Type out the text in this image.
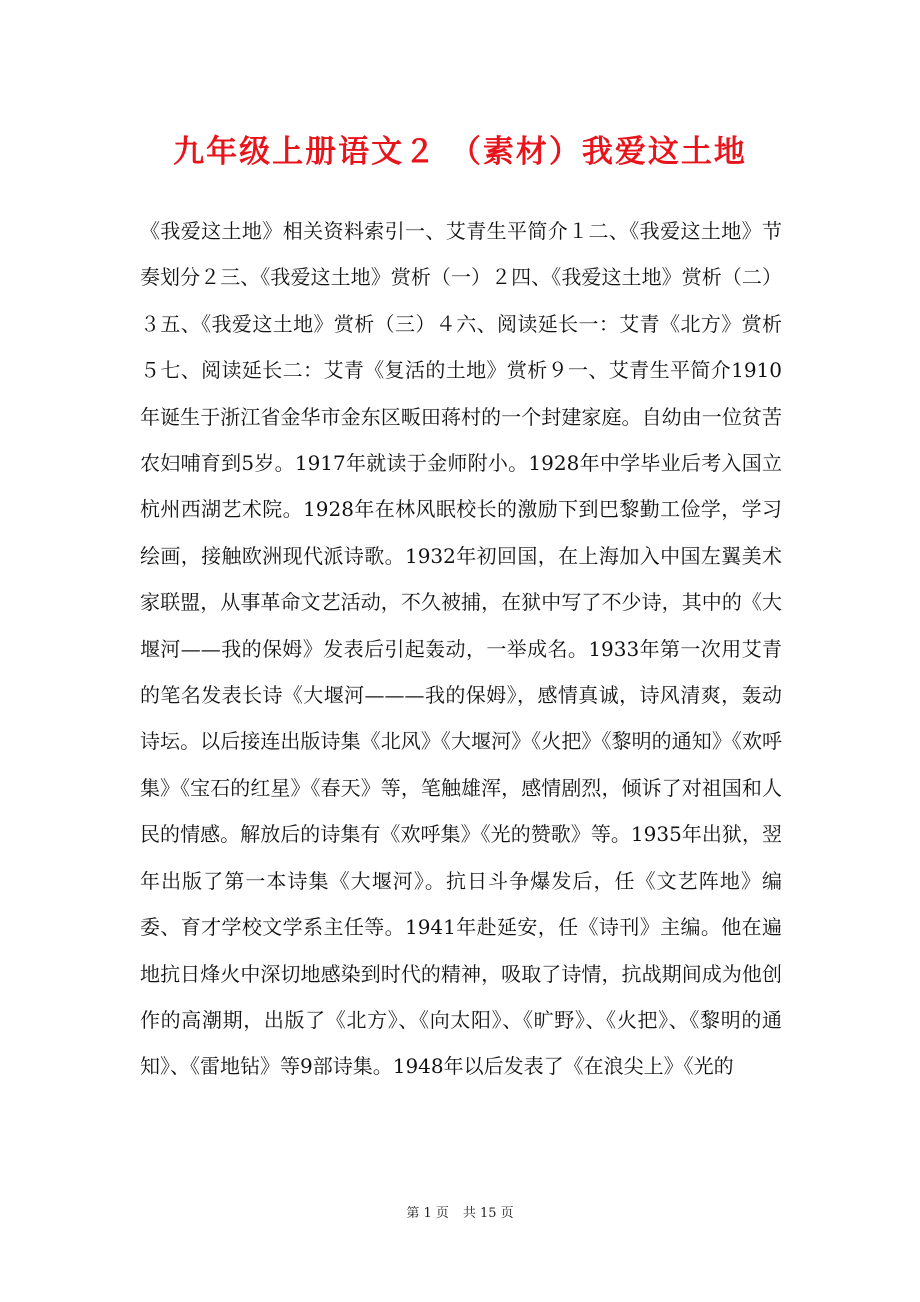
九年级上册语文２ （素材）我爱这土地

《我爱这土地》相关资料索引一、艾青生平简介１二、《我爱这土地》节奏划分２三、《我爱这土地》赏析（一）２四、《我爱这土地》赏析（二）３五、《我爱这土地》赏析（三）４六、阅读延长一：艾青《北方》赏析５七、阅读延长二：艾青《复活的土地》赏析９一、艾青生平简介1910年诞生于浙江省金华市金东区畈田蒋村的一个封建家庭。自幼由一位贫苦农妇哺育到5岁。1917年就读于金师附小。1928年中学毕业后考入国立杭州西湖艺术院。1928年在林风眠校长的激励下到巴黎勤工俭学，学习绘画，接触欧洲现代派诗歌。1932年初回国，在上海加入中国左翼美术家联盟，从事革命文艺活动，不久被捕，在狱中写了不少诗，其中的《大堰河——我的保姆》发表后引起轰动，一举成名。1933年第一次用艾青的笔名发表长诗《大堰河———我的保姆》，感情真诚，诗风清爽，轰动诗坛。以后接连出版诗集《北风》《大堰河》《火把》《黎明的通知》《欢呼集》《宝石的红星》《春天》等，笔触雄浑，感情剧烈，倾诉了对祖国和人民的情感。解放后的诗集有《欢呼集》《光的赞歌》等。1935年出狱，翌年出版了第一本诗集《大堰河》。抗日斗争爆发后，任《文艺阵地》编委、育才学校文学系主任等。1941年赴延安，任《诗刊》主编。他在遍地抗日烽火中深切地感染到时代的精神，吸取了诗情，抗战期间成为他创作的高潮期，出版了《北方》、《向太阳》、《旷野》、《火把》、《黎明的通知》、《雷地钻》等9部诗集。1948年以后发表了《在浪尖上》《光的

第 1 页 共 15 页
